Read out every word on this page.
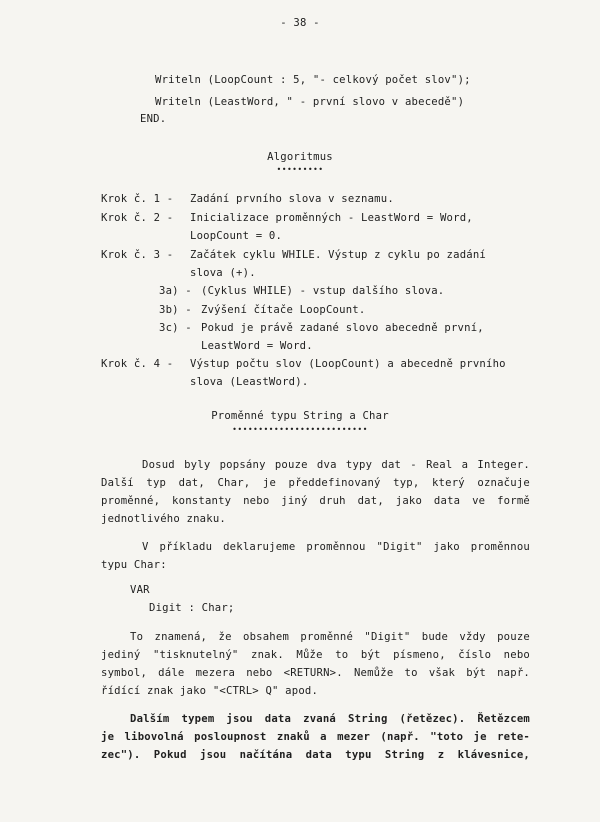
- 38 -
Writeln (LoopCount : 5, "- celkový počet slov");
Writeln (LeastWord, " - první slovo v abecedě")
END.
Algoritmus
•••••••••
Krok č. 1 - Zadání prvního slova v seznamu.
Krok č. 2 - Inicializace proměnných - LeastWord = Word,
LoopCount = 0.
Krok č. 3 - Začátek cyklu WHILE. Výstup z cyklu po zadání
slova (+).
3a) - (Cyklus WHILE) - vstup dalšího slova.
3b) - Zvýšení čítače LoopCount.
3c) - Pokud je právě zadané slovo abecedně první,
LeastWord = Word.
Krok č. 4 - Výstup počtu slov (LoopCount) a abecedně prvního
slova (LeastWord).
Proměnné typu String a Char
••••••••••••••••••••••••••
Dosud byly popsány pouze dva typy dat - Real a Integer.
Další typ dat, Char, je předdefinovaný typ, který označuje
proměnné, konstanty nebo jiný druh dat, jako data ve formě
jednotlivého znaku.
V příkladu deklarujeme proměnnou "Digit" jako proměnnou
typu Char:
VAR
Digit : Char;
To znamená, že obsahem proměnné "Digit" bude vždy pouze
jediný "tisknutelný" znak. Může to být písmeno, číslo nebo
symbol, dále mezera nebo <RETURN>. Nemůže to však být např.
řídící znak jako "<CTRL> Q" apod.
Dalším typem jsou data zvaná String (řetězec). Řetězcem
je libovolná posloupnost znaků a mezer (např. "toto je rete-
zec"). Pokud jsou načítána data typu String z klávesnice,
